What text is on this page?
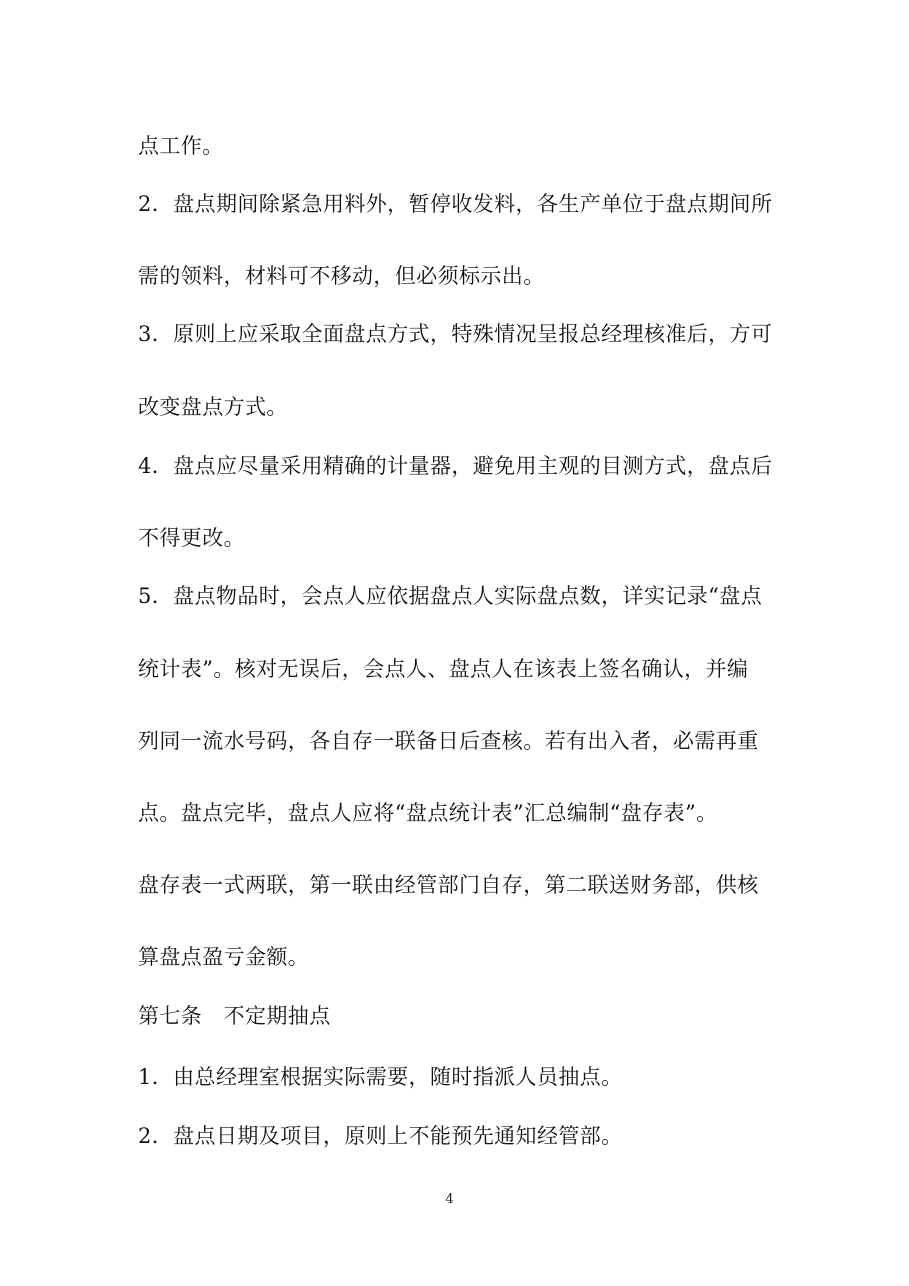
点工作。
2．盘点期间除紧急用料外，暂停收发料，各生产单位于盘点期间所
需的领料，材料可不移动，但必须标示出。
3．原则上应采取全面盘点方式，特殊情况呈报总经理核准后，方可
改变盘点方式。
4．盘点应尽量采用精确的计量器，避免用主观的目测方式，盘点后
不得更改。
5．盘点物品时，会点人应依据盘点人实际盘点数，详实记录“盘点
统计表”。核对无误后，会点人、盘点人在该表上签名确认，并编
列同一流水号码，各自存一联备日后查核。若有出入者，必需再重
点。盘点完毕，盘点人应将“盘点统计表”汇总编制“盘存表”。
盘存表一式两联，第一联由经管部门自存，第二联送财务部，供核
算盘点盈亏金额。
第七条　不定期抽点
1．由总经理室根据实际需要，随时指派人员抽点。
2．盘点日期及项目，原则上不能预先通知经管部。
4
